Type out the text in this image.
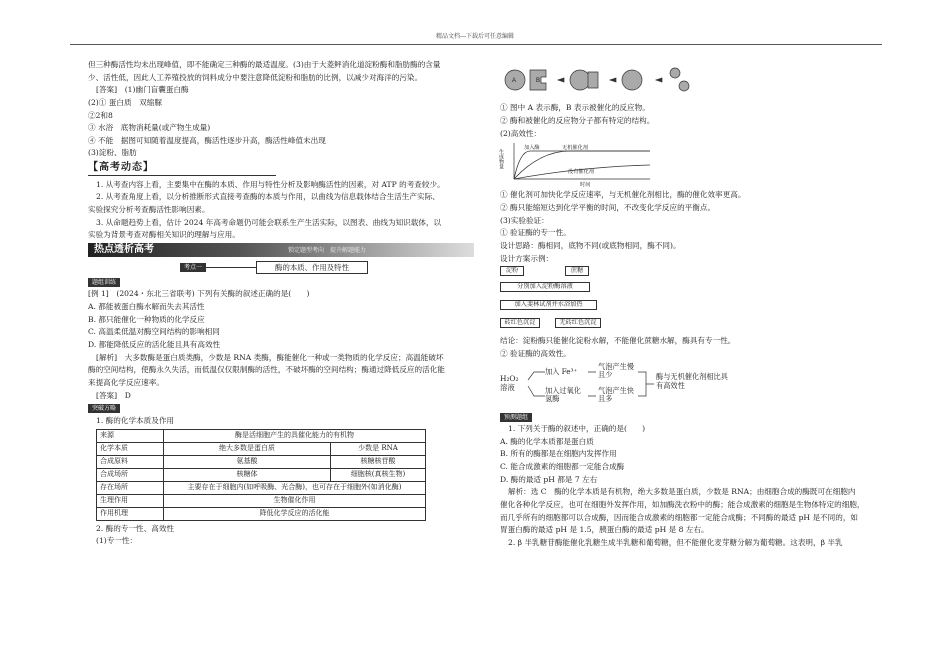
精品文档---下载后可任意编辑

但三种酶活性均未出现峰值，即不能确定三种酶的最适温度。(3)由于大菱鲆消化道淀粉酶和脂肪酶的含量

少、活性低，因此人工养殖投放的饲料成分中要注意降低淀粉和脂肪的比例，以减少对海洋的污染。

[答案]　 (1)幽门盲囊蛋白酶

(2)① 蛋白质　双缩脲

②2和8

③ 水浴　底物消耗量(或产物生成量)

④ 不能　据图可知随着温度提高，酶活性逐步升高，酶活性峰值未出现

(3)淀粉、脂肪

【高考动态】

1. 从考查内容上看，主要集中在酶的本质、作用与特性分析及影响酶活性的因素，对 ATP 的考查较少。

2. 从考查角度上看，以分析推断形式直接考查酶的本质与作用，以曲线为信息载体结合生活生产实际、

实验探究分析考查酶活性影响因素。

3. 从命题趋势上看，估计 2024 年高考命题仍可能会联系生产生活实际，以图表、曲线为知识载体，以

实验为背景考查对酶相关知识的理解与应用。

热点透析高考	锁定题型考向　提升解题能力
考点一	酶的本质、作用及特性

题组训练

[例 1]　(2024・东北三省联考) 下列有关酶的叙述正确的是(　　)

A. 都能被蛋白酶水解而失去其活性

B. 都只能催化一种物质的化学反应

C. 高温柔低温对酶空间结构的影响相同

D. 都能降低反应的活化能且具有高效性

[解析]　大多数酶是蛋白质类酶，少数是 RNA 类酶，酶能催化一种或一类物质的化学反应；高温能破坏

酶的空间结构，使酶永久失活，而低温仅仅限制酶的活性，不破坏酶的空间结构；酶通过降低反应的活化能

来提高化学反应速率。

[答案]　D

突破方略

1. 酶的化学本质及作用

来源	酶是活细胞产生的具催化能力的有机物	
化学本质	绝大多数是蛋白质	少数是 RNA
合成原料	氨基酸	核糖核苷酸
合成场所	核糖体	细胞核(真核生物)
存在场所	主要存在于细胞内(如呼吸酶、光合酶)，也可存在于细胞外(如消化酶)	
生理作用	生物催化作用	
作用机理	降低化学反应的活化能	

2. 酶的专一性、高效性

(1)专一性：

A	B

① 图中 A 表示酶，B 表示被催化的反应物。

② 酶和被催化的反应物分子都有特定的结构。

(2)高效性：

生成物量
时间
加入酶	无机催化剂
没有催化剂

① 催化剂可加快化学反应速率，与无机催化剂相比，酶的催化效率更高。

② 酶只能缩短达到化学平衡的时间，不改变化学反应的平衡点。

(3)实验验证：

① 验证酶的专一性。

设计思路：酶相同，底物不同(或底物相同，酶不同)。

设计方案示例：

淀粉	蔗糖
分别加入淀粉酶溶液
加入斐林试剂并水浴加热
砖红色沉淀	无砖红色沉淀

结论：淀粉酶只能催化淀粉水解，不能催化蔗糖水解，酶具有专一性。

② 验证酶的高效性。

H₂O₂ 溶液
加入 Fe³⁺
气泡产生慢且少
加入过氧化氢酶
气泡产生快且多
酶与无机催化剂相比具有高效性

预测题组

1. 下列关于酶的叙述中，正确的是(　　)

A. 酶的化学本质都是蛋白质

B. 所有的酶都是在细胞内发挥作用

C. 能合成激素的细胞都一定能合成酶

D. 酶的最适 pH 都是 7 左右

解析：选 C　酶的化学本质是有机物，绝大多数是蛋白质，少数是 RNA；由细胞合成的酶既可在细胞内

催化各种化学反应，也可在细胞外发挥作用，如加酶洗衣粉中的酶；能合成激素的细胞是生物体特定的细胞，

而几乎所有的细胞都可以合成酶，因而能合成激素的细胞都一定能合成酶；不同酶的最适 pH 是不同的，如

胃蛋白酶的最适 pH 是 1.5，胰蛋白酶的最适 pH 是 8 左右。

2. β 半乳糖苷酶能催化乳糖生成半乳糖和葡萄糖，但不能催化麦芽糖分解为葡萄糖。这表明，β 半乳
